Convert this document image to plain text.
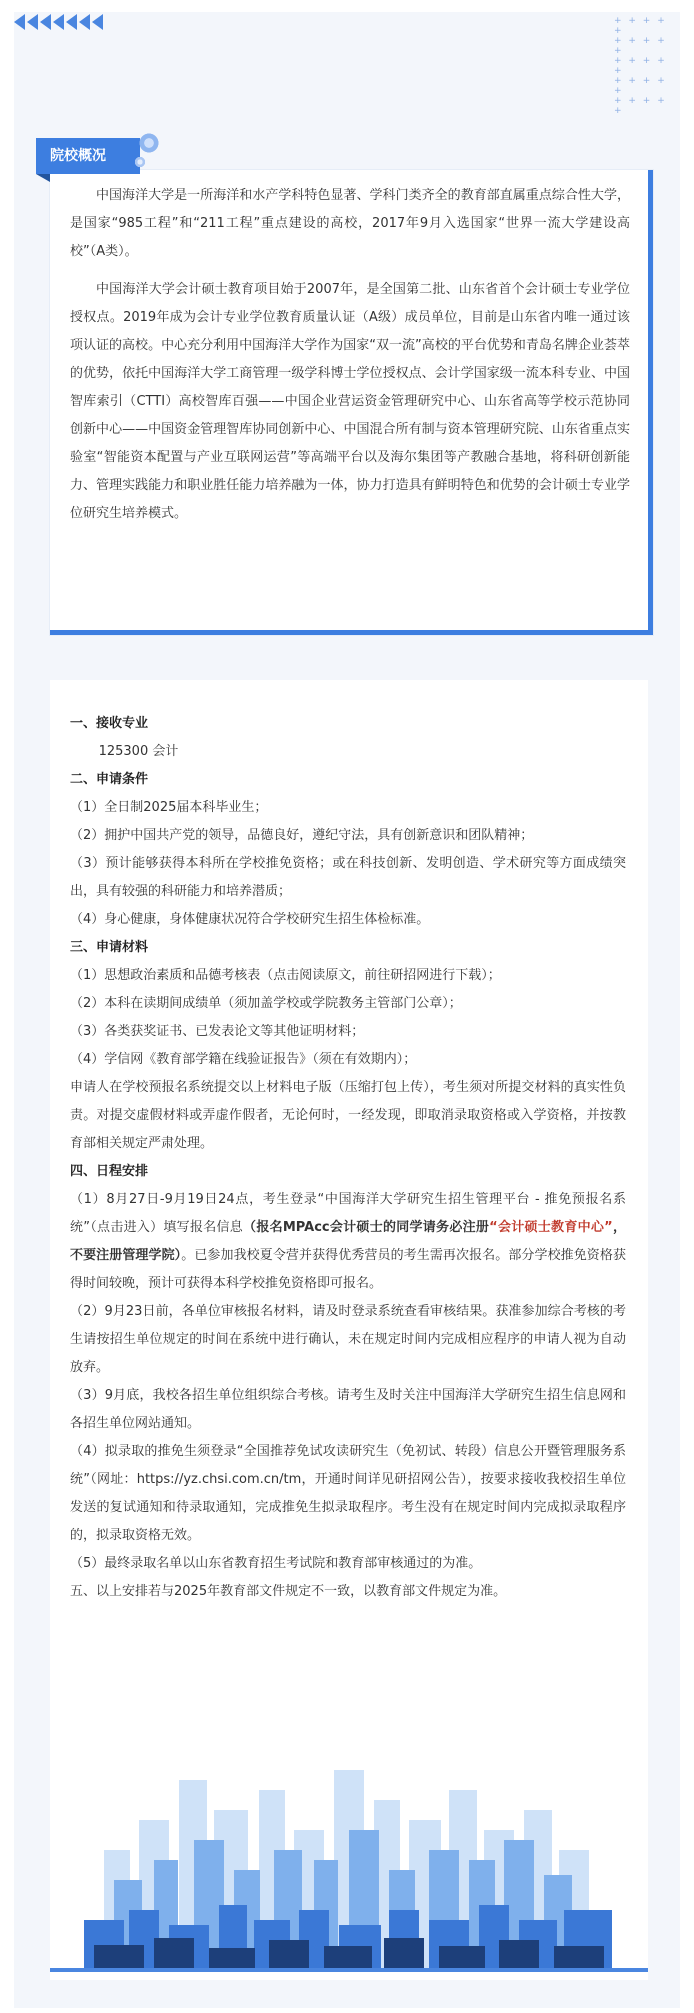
+ + + + +
+ + + + +
+ + + + +
+ + + + +
+ + + + +

中国海洋大学是一所海洋和水产学科特色显著、学科门类齐全的教育部直属重点综合性大学，是国家“985工程”和“211工程”重点建设的高校，2017年9月入选国家“世界一流大学建设高校”（A类）。

中国海洋大学会计硕士教育项目始于2007年，是全国第二批、山东省首个会计硕士专业学位授权点。2019年成为会计专业学位教育质量认证（A级）成员单位，目前是山东省内唯一通过该项认证的高校。中心充分利用中国海洋大学作为国家“双一流”高校的平台优势和青岛名牌企业荟萃的优势，依托中国海洋大学工商管理一级学科博士学位授权点、会计学国家级一流本科专业、中国智库索引（CTTI）高校智库百强——中国企业营运资金管理研究中心、山东省高等学校示范协同创新中心——中国资金管理智库协同创新中心、中国混合所有制与资本管理研究院、山东省重点实验室“智能资本配置与产业互联网运营”等高端平台以及海尔集团等产教融合基地，将科研创新能力、管理实践能力和职业胜任能力培养融为一体，协力打造具有鲜明特色和优势的会计硕士专业学位研究生培养模式。

院校概况
一、接收专业
125300 会计
二、申请条件
（1）全日制2025届本科毕业生；
（2）拥护中国共产党的领导，品德良好，遵纪守法，具有创新意识和团队精神；
（3）预计能够获得本科所在学校推免资格；或在科技创新、发明创造、学术研究等方面成绩突出，具有较强的科研能力和培养潜质；
（4）身心健康，身体健康状况符合学校研究生招生体检标准。
三、申请材料
（1）思想政治素质和品德考核表（点击阅读原文，前往研招网进行下载）；
（2）本科在读期间成绩单（须加盖学校或学院教务主管部门公章）；
（3）各类获奖证书、已发表论文等其他证明材料；
（4）学信网《教育部学籍在线验证报告》（须在有效期内）；
申请人在学校预报名系统提交以上材料电子版（压缩打包上传），考生须对所提交材料的真实性负责。对提交虚假材料或弄虚作假者，无论何时，一经发现，即取消录取资格或入学资格，并按教育部相关规定严肃处理。
四、日程安排
（1）8月27日-9月19日24点，考生登录“中国海洋大学研究生招生管理平台 - 推免预报名系统”（点击进入）填写报名信息（报名MPAcc会计硕士的同学请务必注册“会计硕士教育中心”，不要注册管理学院）。已参加我校夏令营并获得优秀营员的考生需再次报名。部分学校推免资格获得时间较晚，预计可获得本科学校推免资格即可报名。
（2）9月23日前，各单位审核报名材料，请及时登录系统查看审核结果。获准参加综合考核的考生请按招生单位规定的时间在系统中进行确认，未在规定时间内完成相应程序的申请人视为自动放弃。
（3）9月底，我校各招生单位组织综合考核。请考生及时关注中国海洋大学研究生招生信息网和各招生单位网站通知。
（4）拟录取的推免生须登录“全国推荐免试攻读研究生（免初试、转段）信息公开暨管理服务系统”（网址：https://yz.chsi.com.cn/tm，开通时间详见研招网公告），按要求接收我校招生单位发送的复试通知和待录取通知，完成推免生拟录取程序。考生没有在规定时间内完成拟录取程序的，拟录取资格无效。
（5）最终录取名单以山东省教育招生考试院和教育部审核通过的为准。
五、以上安排若与2025年教育部文件规定不一致，以教育部文件规定为准。
